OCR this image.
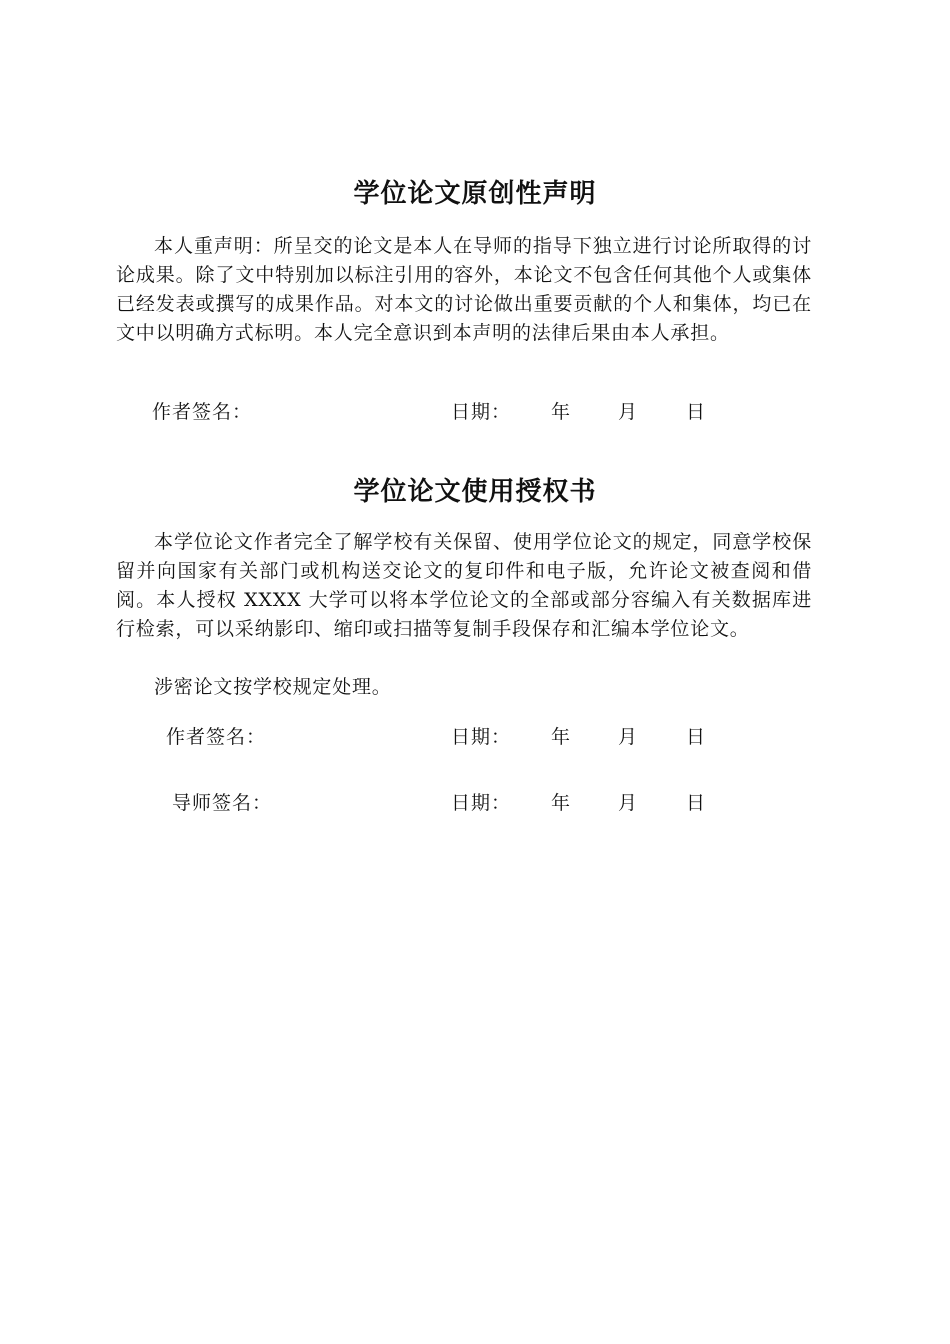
学位论文原创性声明
本人重声明：所呈交的论文是本人在导师的指导下独立进行讨论所取得的讨论成果。除了文中特别加以标注引用的容外，本论文不包含任何其他个人或集体已经发表或撰写的成果作品。对本文的讨论做出重要贡献的个人和集体，均已在文中以明确方式标明。本人完全意识到本声明的法律后果由本人承担。
作者签名：	日期： 年 月	日
学位论文使用授权书
本学位论文作者完全了解学校有关保留、使用学位论文的规定，同意学校保留并向国家有关部门或机构送交论文的复印件和电子版，允许论文被查阅和借阅。本人授权 XXXX 大学可以将本学位论文的全部或部分容编入有关数据库进行检索，可以采纳影印、缩印或扫描等复制手段保存和汇编本学位论文。
涉密论文按学校规定处理。
作者签名：	日期： 年 月	日
导师签名：	日期： 年 月	日
